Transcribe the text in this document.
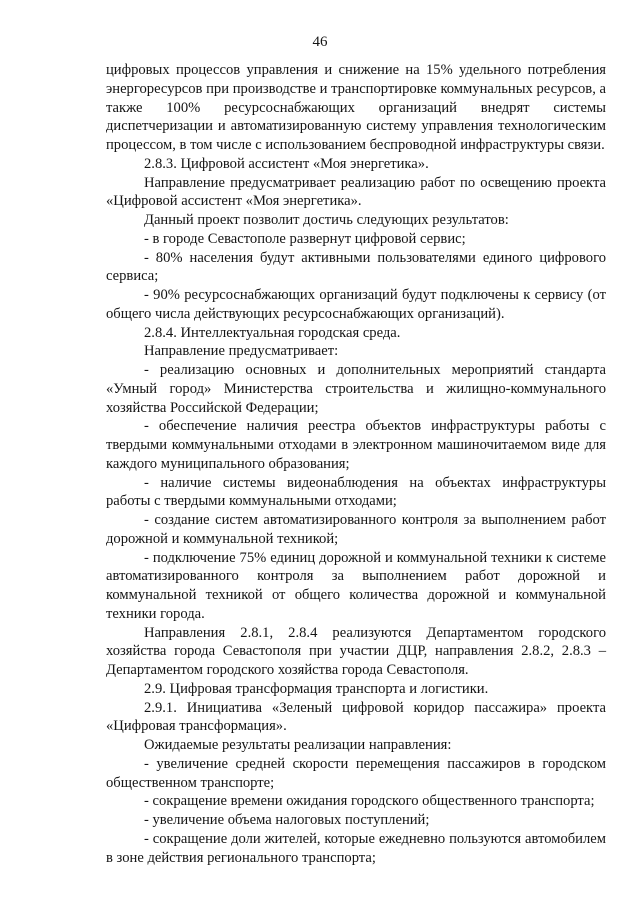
46

цифровых процессов управления и снижение на 15% удельного потребления энергоресурсов при производстве и транспортировке коммунальных ресурсов, а также 100% ресурсоснабжающих организаций внедрят системы диспетчеризации и автоматизированную систему управления технологическим процессом, в том числе с использованием беспроводной инфраструктуры связи.

2.8.3. Цифровой ассистент «Моя энергетика».

Направление предусматривает реализацию работ по освещению проекта «Цифровой ассистент «Моя энергетика».

Данный проект позволит достичь следующих результатов:

- в городе Севастополе развернут цифровой сервис;

- 80% населения будут активными пользователями единого цифрового сервиса;

- 90% ресурсоснабжающих организаций будут подключены к сервису (от общего числа действующих ресурсоснабжающих организаций).

2.8.4. Интеллектуальная городская среда.

Направление предусматривает:

- реализацию основных и дополнительных мероприятий стандарта «Умный город» Министерства строительства и жилищно-коммунального хозяйства Российской Федерации;

- обеспечение наличия реестра объектов инфраструктуры работы с твердыми коммунальными отходами в электронном машиночитаемом виде для каждого муниципального образования;

- наличие системы видеонаблюдения на объектах инфраструктуры работы с твердыми коммунальными отходами;

- создание систем автоматизированного контроля за выполнением работ дорожной и коммунальной техникой;

- подключение 75% единиц дорожной и коммунальной техники к системе автоматизированного контроля за выполнением работ дорожной и коммунальной техникой от общего количества дорожной и коммунальной техники города.

Направления 2.8.1, 2.8.4 реализуются Департаментом городского хозяйства города Севастополя при участии ДЦР, направления 2.8.2, 2.8.3 – Департаментом городского хозяйства города Севастополя.

2.9. Цифровая трансформация транспорта и логистики.

2.9.1. Инициатива «Зеленый цифровой коридор пассажира» проекта «Цифровая трансформация».

Ожидаемые результаты реализации направления:

- увеличение средней скорости перемещения пассажиров в городском общественном транспорте;

- сокращение времени ожидания городского общественного транспорта;

- увеличение объема налоговых поступлений;

- сокращение доли жителей, которые ежедневно пользуются автомобилем в зоне действия регионального транспорта;
